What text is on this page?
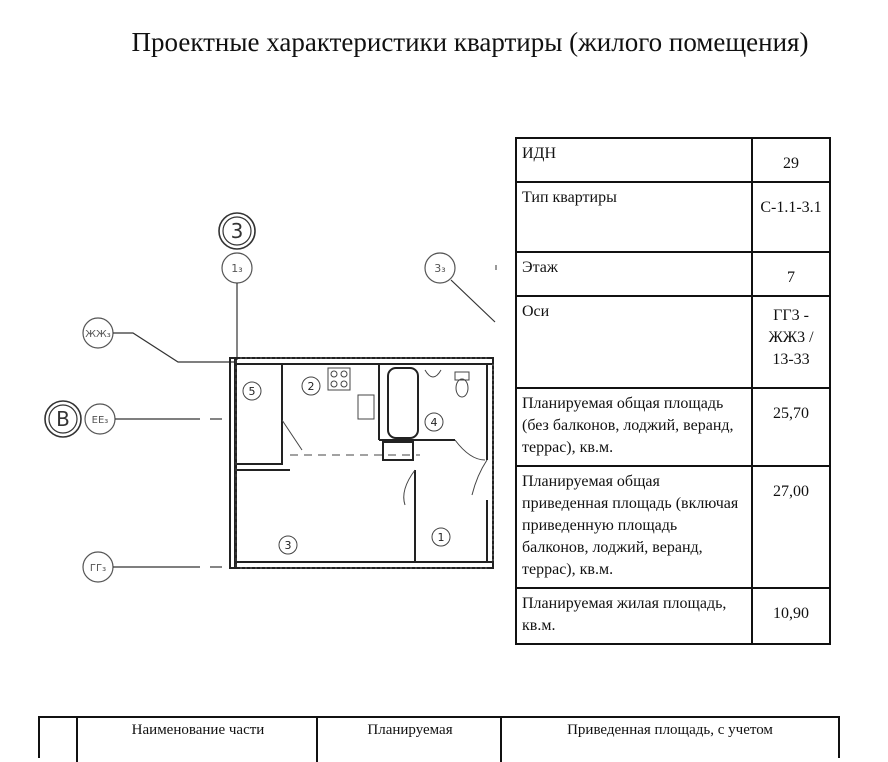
Проектные характеристики квартиры (жилого помещения)
3
1₃	3₃
ЖЖ₃
В ЕЕ₃
ГГ₃
5	2
4
3
1
ИДН	29
Тип квартиры	С-1.1-3.1
Этаж	7
Оси	ГГ3 - ЖЖ3 / 13-33
Планируемая общая площадь (без балконов, лоджий, веранд, террас), кв.м.	25,70
Планируемая общая приведенная площадь (включая приведенную площадь балконов, лоджий, веранд, террас), кв.м.	27,00
Планируемая жилая площадь, кв.м.	10,90
Наименование части	Планируемая	Приведенная площадь, с учетом
